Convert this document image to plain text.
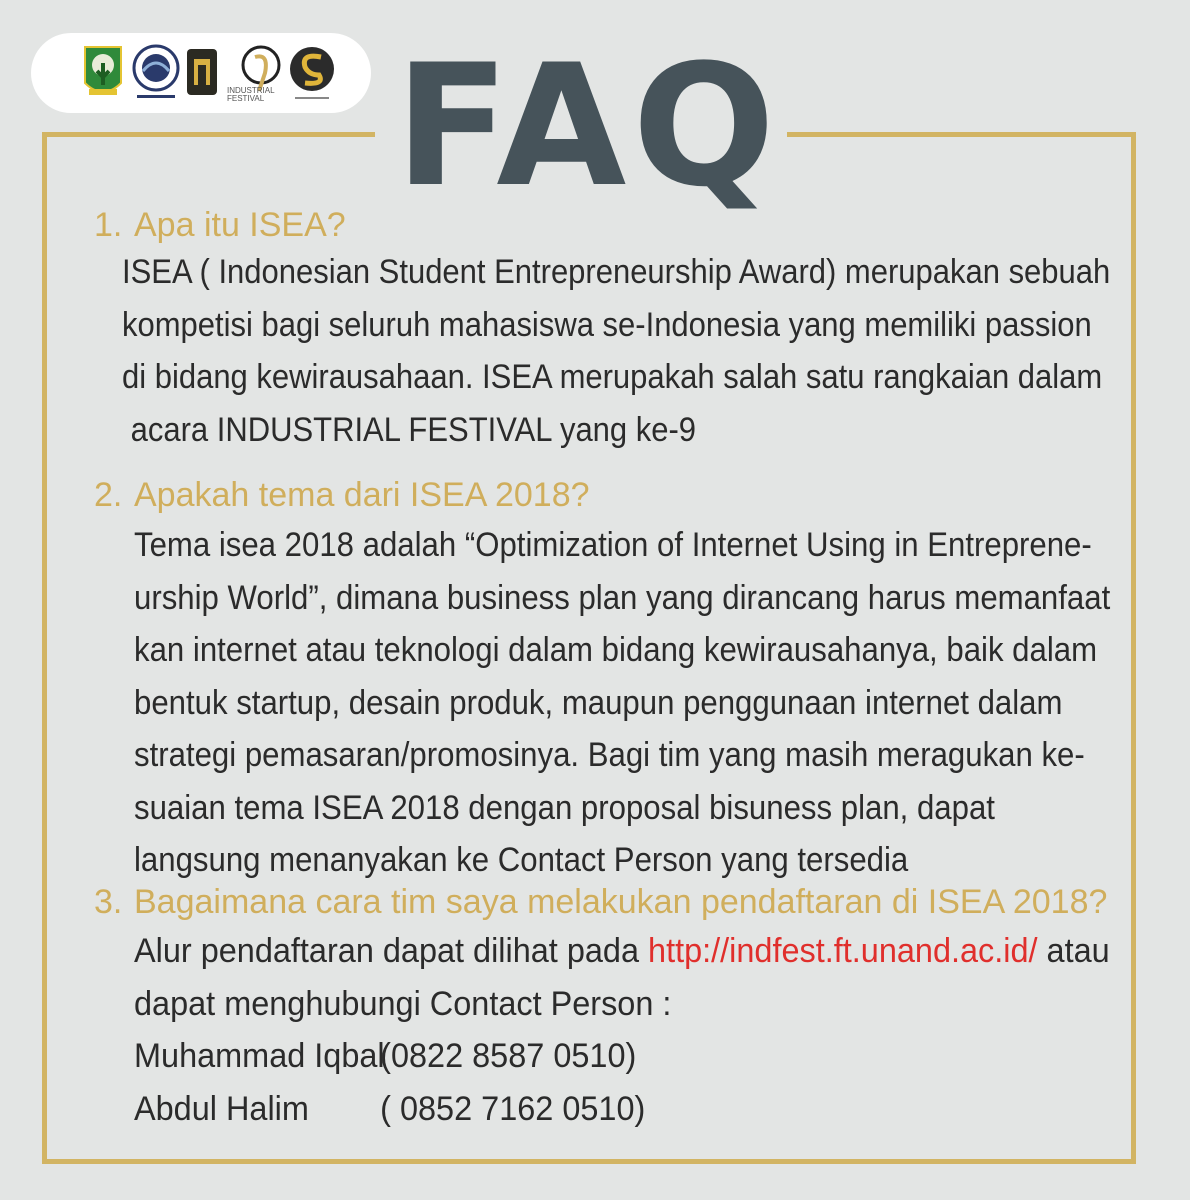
INDUSTRIAL
FESTIVAL FAQ
1. Apa itu ISEA?
ISEA ( Indonesian Student Entrepreneurship Award) merupakan sebuah
kompetisi bagi seluruh mahasiswa se-Indonesia yang memiliki passion
di bidang kewirausahaan. ISEA merupakah salah satu rangkaian dalam
acara INDUSTRIAL FESTIVAL yang ke-9
2. Apakah tema dari ISEA 2018?
Tema isea 2018 adalah “Optimization of Internet Using in Entreprene-
urship World”, dimana business plan yang dirancang harus memanfaat
kan internet atau teknologi dalam bidang kewirausahanya, baik dalam
bentuk startup, desain produk, maupun penggunaan internet dalam
strategi pemasaran/promosinya. Bagi tim yang masih meragukan ke-
suaian tema ISEA 2018 dengan proposal bisuness plan, dapat
langsung menanyakan ke Contact Person yang tersedia
3. Bagaimana cara tim saya melakukan pendaftaran di ISEA 2018?
Alur pendaftaran dapat dilihat pada http://indfest.ft.unand.ac.id/ atau
dapat menghubungi Contact Person :
Muhammad Iqbal(0822 8587 0510)
Abdul Halim ( 0852 7162 0510)
